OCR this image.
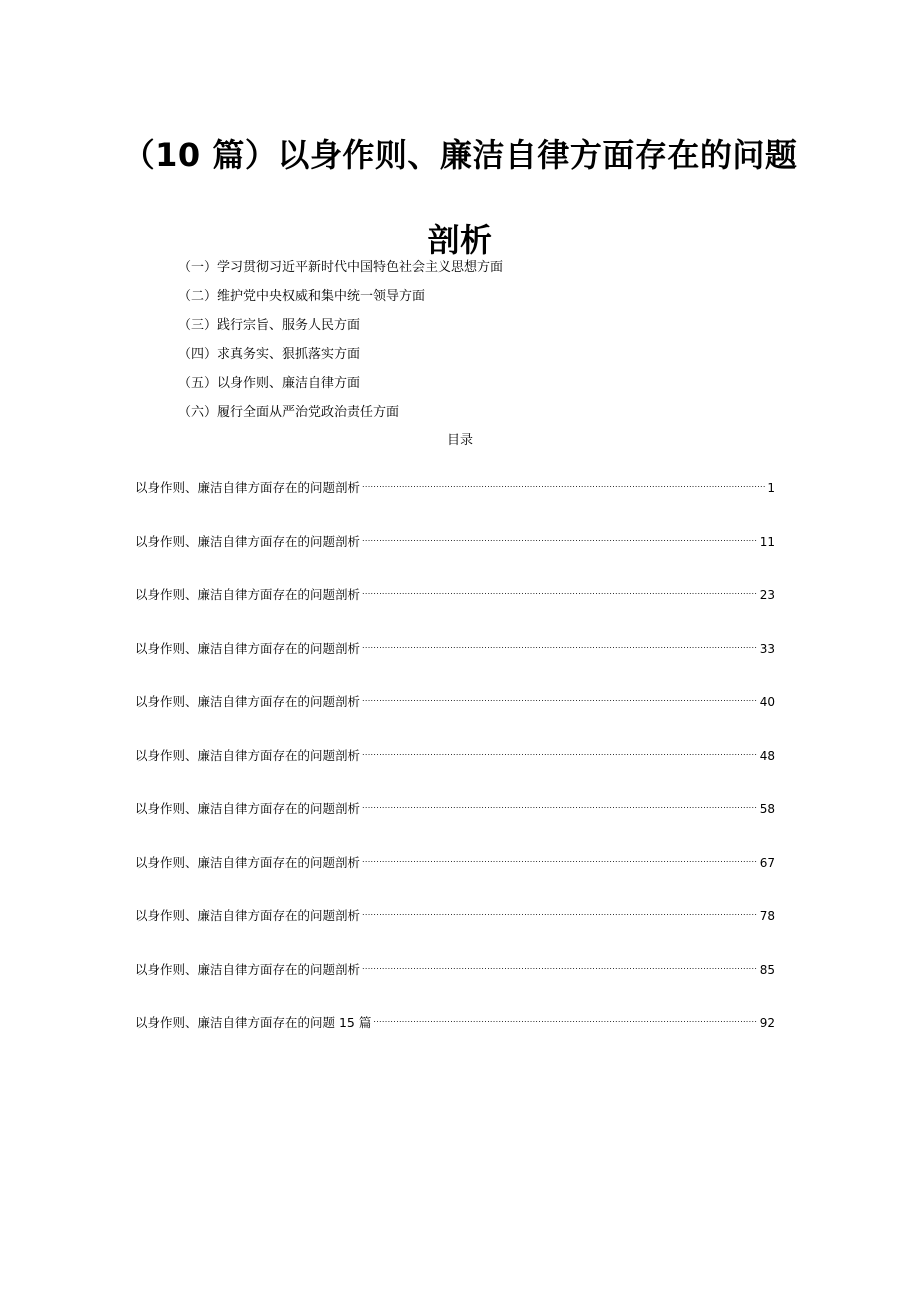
（10 篇）以身作则、廉洁自律方面存在的问题
剖析
（一）学习贯彻习近平新时代中国特色社会主义思想方面
（二）维护党中央权威和集中统一领导方面
（三）践行宗旨、服务人民方面
（四）求真务实、狠抓落实方面
（五）以身作则、廉洁自律方面
（六）履行全面从严治党政治责任方面
目录
以身作则、廉洁自律方面存在的问题剖析 .....	1
以身作则、廉洁自律方面存在的问题剖析 .....	11
以身作则、廉洁自律方面存在的问题剖析 .....	23
以身作则、廉洁自律方面存在的问题剖析 .....	33
以身作则、廉洁自律方面存在的问题剖析 .....	40
以身作则、廉洁自律方面存在的问题剖析 .....	48
以身作则、廉洁自律方面存在的问题剖析 .....	58
以身作则、廉洁自律方面存在的问题剖析 .....	67
以身作则、廉洁自律方面存在的问题剖析 .....	78
以身作则、廉洁自律方面存在的问题剖析 .....	85
以身作则、廉洁自律方面存在的问题 15 篇 .....	92
